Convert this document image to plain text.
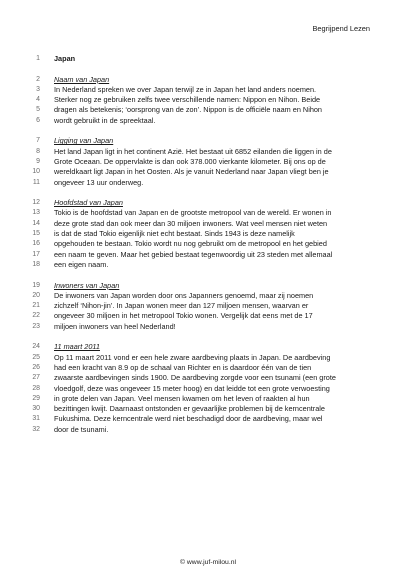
Begrijpend Lezen
1 Japan
2 Naam van Japan
3 In Nederland spreken we over Japan terwijl ze in Japan het land anders noemen.
4 Sterker nog ze gebruiken zelfs twee verschillende namen: Nippon en Nihon. Beide
5 dragen als betekenis; ‘oorsprong van de zon’. Nippon is de officiële naam en Nihon
6 wordt gebruikt in de spreektaal.
7 Ligging van Japan
8 Het land Japan ligt in het continent Azië. Het bestaat uit 6852 eilanden die liggen in de
9 Grote Oceaan. De oppervlakte is dan ook 378.000 vierkante kilometer. Bij ons op de
10 wereldkaart ligt Japan in het Oosten. Als je vanuit Nederland naar Japan vliegt ben je
11 ongeveer 13 uur onderweg.
12 Hoofdstad van Japan
13 Tokio is de hoofdstad van Japan en de grootste metropool van de wereld. Er wonen in
14 deze grote stad dan ook meer dan 30 miljoen inwoners. Wat veel mensen niet weten
15 is dat de stad Tokio eigenlijk niet echt bestaat. Sinds 1943 is deze namelijk
16 opgehouden te bestaan. Tokio wordt nu nog gebruikt om de metropool en het gebied
17 een naam te geven. Maar het gebied bestaat tegenwoordig uit 23 steden met allemaal
18 een eigen naam.
19 Inwoners van Japan
20 De inwoners van Japan worden door ons Japanners genoemd, maar zij noemen
21 zichzelf ‘Nihon-jin’. In Japan wonen meer dan 127 miljoen mensen, waarvan er
22 ongeveer 30 miljoen in het metropool Tokio wonen. Vergelijk dat eens met de 17
23 miljoen inwoners van heel Nederland!
24 11 maart 2011
25 Op 11 maart 2011 vond er een hele zware aardbeving plaats in Japan. De aardbeving
26 had een kracht van 8.9 op de schaal van Richter en is daardoor één van de tien
27 zwaarste aardbevingen sinds 1900. De aardbeving zorgde voor een tsunami (een grote
28 vloedgolf, deze was ongeveer 15 meter hoog) en dat leidde tot een grote verwoesting
29 in grote delen van Japan. Veel mensen kwamen om het leven of raakten al hun
30 bezittingen kwijt. Daarnaast ontstonden er gevaarlijke problemen bij de kerncentrale
31 Fukushima. Deze kerncentrale werd niet beschadigd door de aardbeving, maar wel
32 door de tsunami.
© www.juf-milou.nl
